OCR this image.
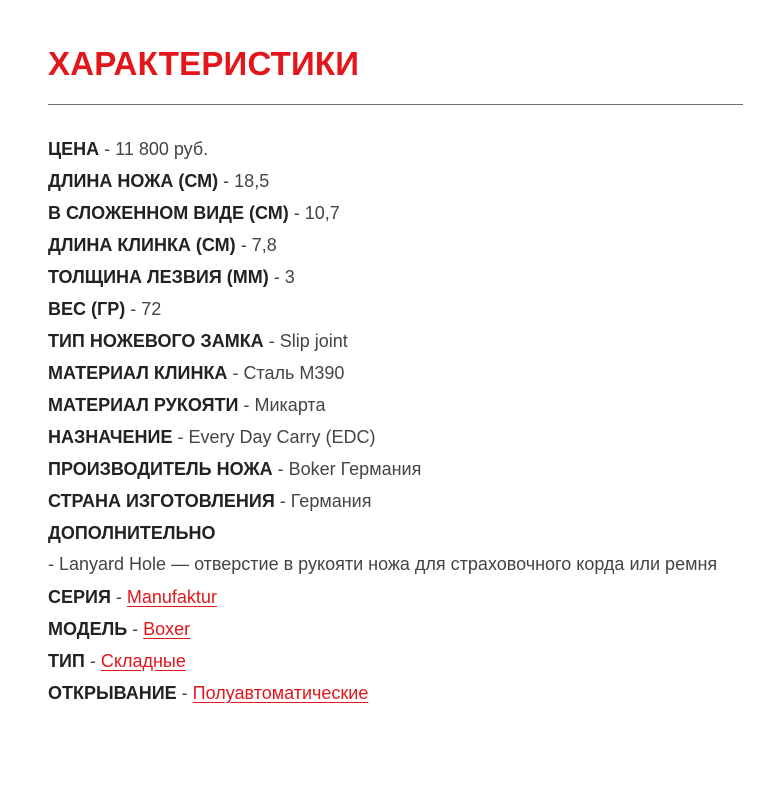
ХАРАКТЕРИСТИКИ
ЦЕНА - 11 800 руб.
ДЛИНА НОЖА (СМ) - 18,5
В СЛОЖЕННОМ ВИДЕ (СМ) - 10,7
ДЛИНА КЛИНКА (СМ) - 7,8
ТОЛЩИНА ЛЕЗВИЯ (ММ) - 3
ВЕС (ГР) - 72
ТИП НОЖЕВОГО ЗАМКА - Slip joint
МАТЕРИАЛ КЛИНКА - Сталь М390
МАТЕРИАЛ РУКОЯТИ - Микарта
НАЗНАЧЕНИЕ - Every Day Carry (EDC)
ПРОИЗВОДИТЕЛЬ НОЖА - Boker Германия
СТРАНА ИЗГОТОВЛЕНИЯ - Германия
ДОПОЛНИТЕЛЬНО
- Lanyard Hole — отверстие в рукояти ножа для страховочного корда или ремня
СЕРИЯ - Manufaktur
МОДЕЛЬ - Boxer
ТИП - Складные
ОТКРЫВАНИЕ - Полуавтоматические
